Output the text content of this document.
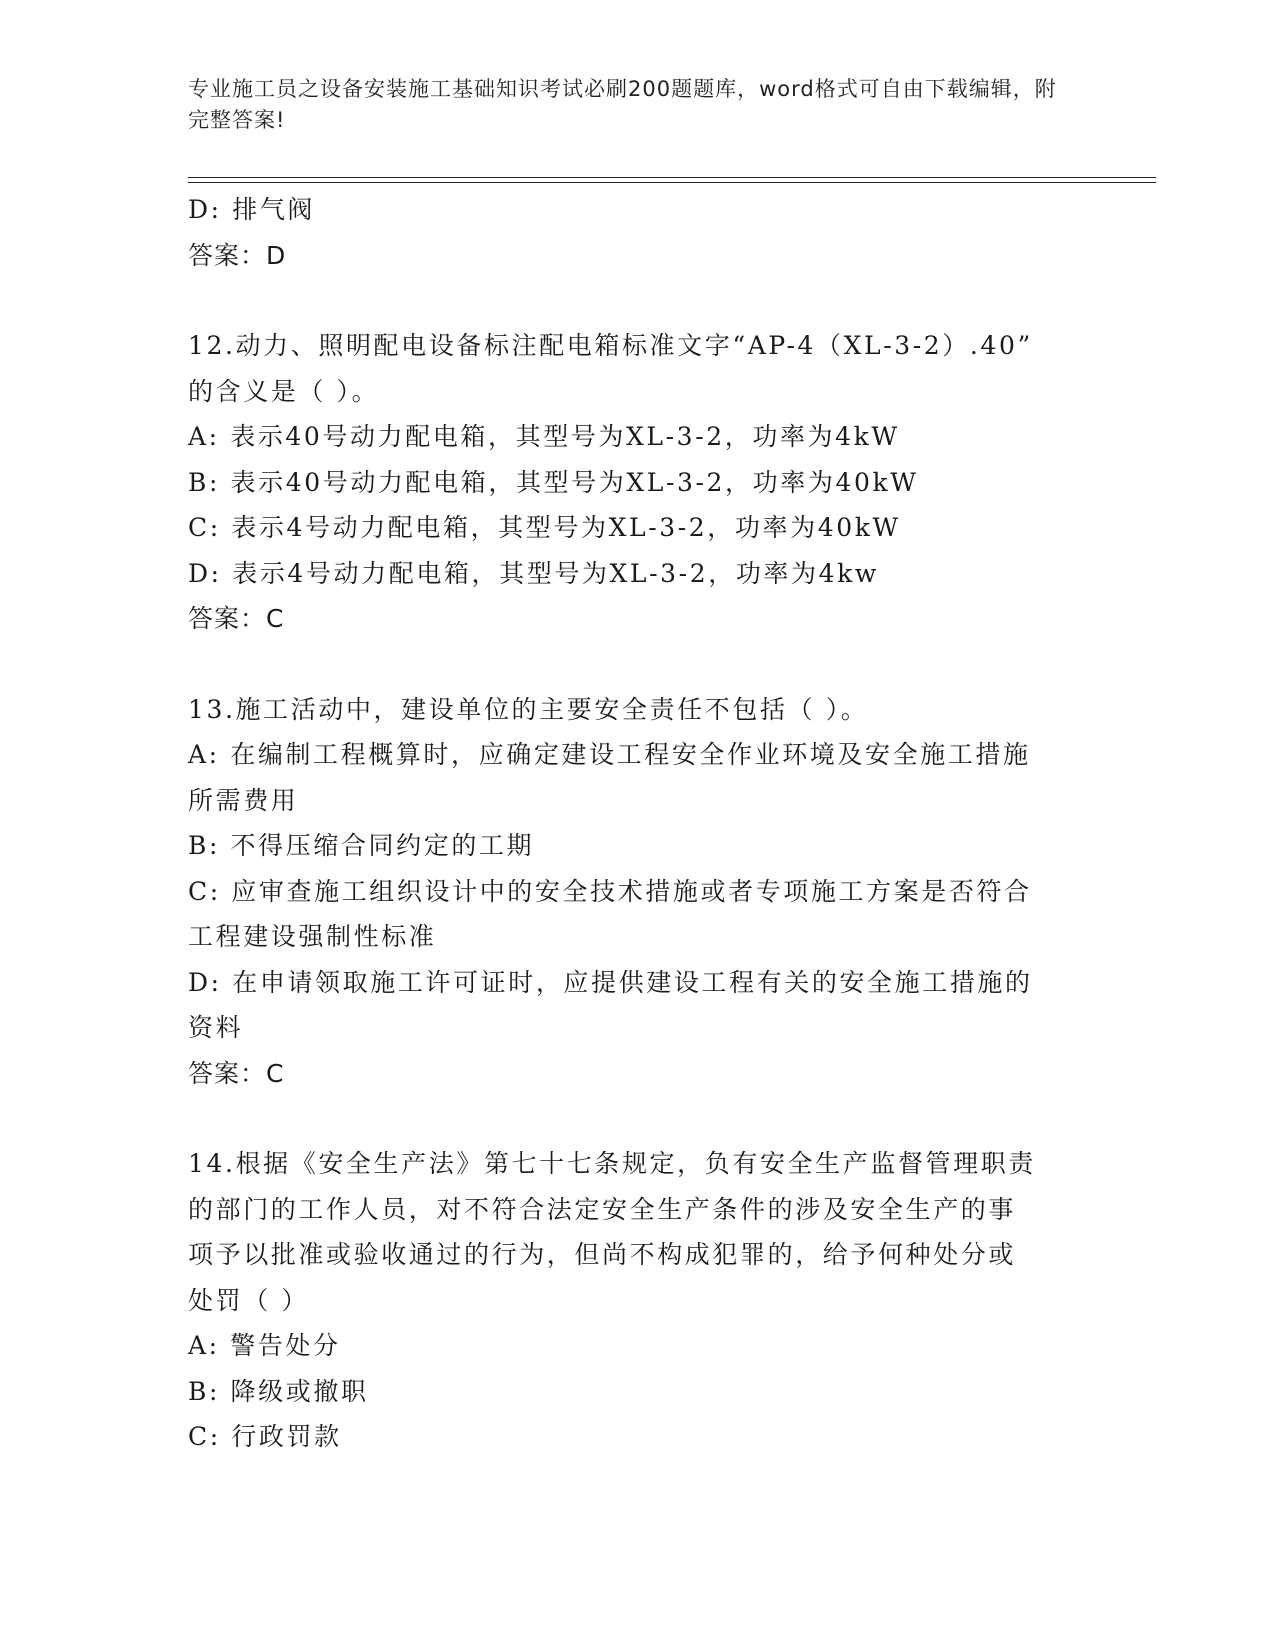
专业施工员之设备安装施工基础知识考试必刷200题题库，word格式可自由下载编辑，附完整答案!

D: 排气阀

答案：D

12.动力、照明配电设备标注配电箱标准文字“AP-4（XL-3-2）.40”

的含义是（ ）。

A: 表示40号动力配电箱，其型号为XL-3-2，功率为4kW

B: 表示40号动力配电箱，其型号为XL-3-2，功率为40kW

C: 表示4号动力配电箱，其型号为XL-3-2，功率为40kW

D: 表示4号动力配电箱，其型号为XL-3-2，功率为4kw

答案：C

13.施工活动中，建设单位的主要安全责任不包括（ ）。

A: 在编制工程概算时，应确定建设工程安全作业环境及安全施工措施

所需费用

B: 不得压缩合同约定的工期

C: 应审查施工组织设计中的安全技术措施或者专项施工方案是否符合

工程建设强制性标准

D: 在申请领取施工许可证时，应提供建设工程有关的安全施工措施的

资料

答案：C

14.根据《安全生产法》第七十七条规定，负有安全生产监督管理职责

的部门的工作人员，对不符合法定安全生产条件的涉及安全生产的事

项予以批准或验收通过的行为，但尚不构成犯罪的，给予何种处分或

处罚（ ）

A: 警告处分

B: 降级或撤职

C: 行政罚款
